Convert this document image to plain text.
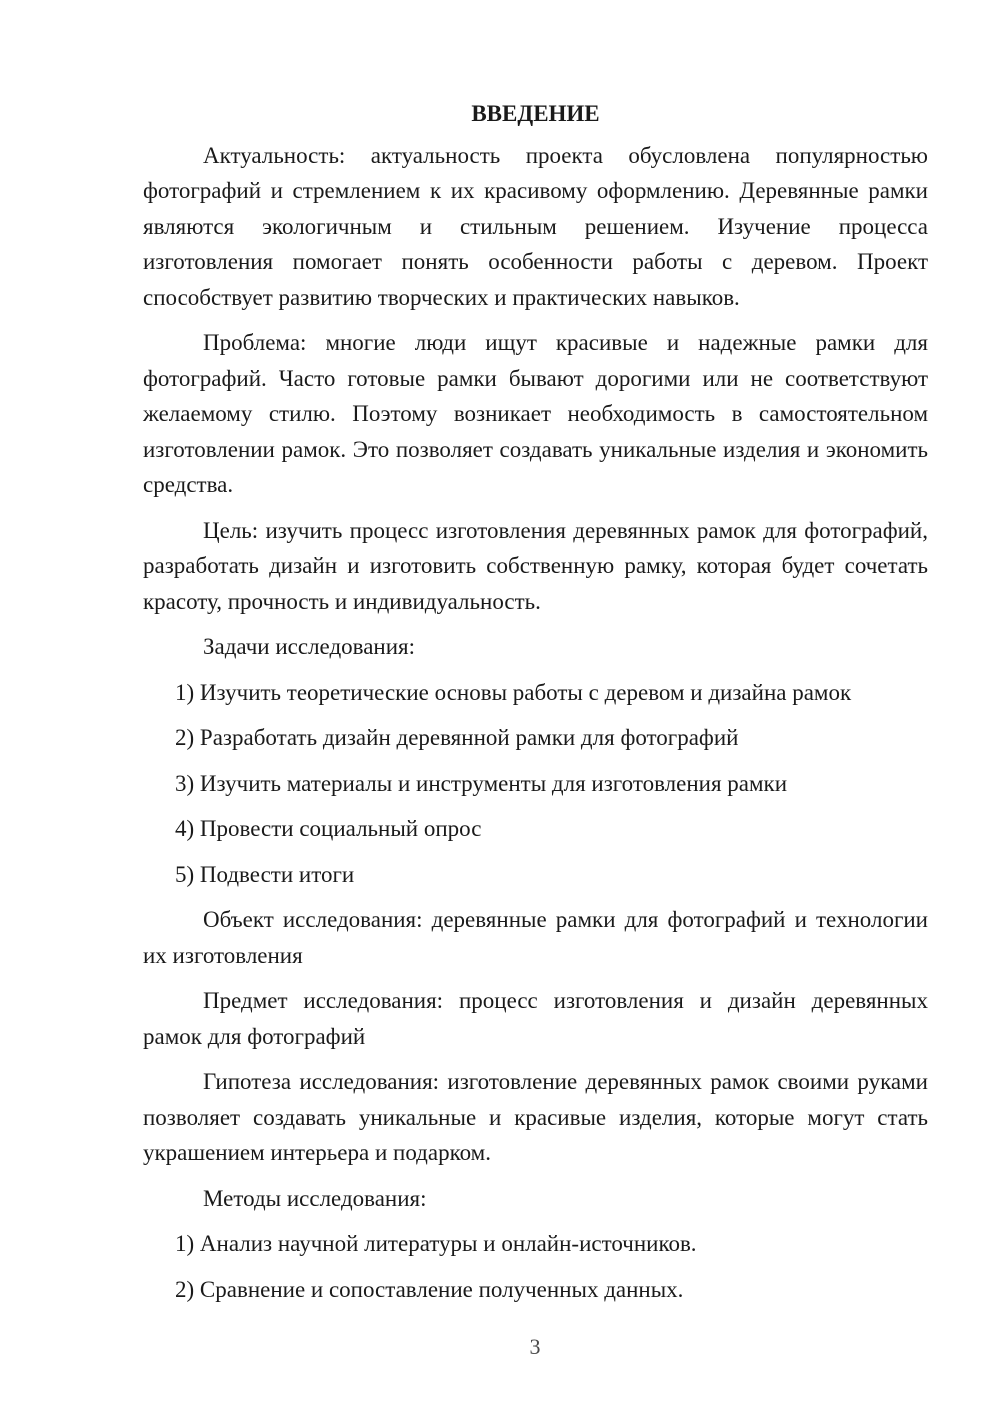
ВВЕДЕНИЕ

Актуальность: актуальность проекта обусловлена популярностью фотографий и стремлением к их красивому оформлению. Деревянные рамки являются экологичным и стильным решением. Изучение процесса изготовления помогает понять особенности работы с деревом. Проект способствует развитию творческих и практических навыков.

Проблема: многие люди ищут красивые и надежные рамки для фотографий. Часто готовые рамки бывают дорогими или не соответствуют желаемому стилю. Поэтому возникает необходимость в самостоятельном изготовлении рамок. Это позволяет создавать уникальные изделия и экономить средства.

Цель: изучить процесс изготовления деревянных рамок для фотографий, разработать дизайн и изготовить собственную рамку, которая будет сочетать красоту, прочность и индивидуальность.

Задачи исследования:

1) Изучить теоретические основы работы с деревом и дизайна рамок
2) Разработать дизайн деревянной рамки для фотографий
3) Изучить материалы и инструменты для изготовления рамки
4) Провести социальный опрос
5) Подвести итоги

Объект исследования: деревянные рамки для фотографий и технологии их изготовления

Предмет исследования: процесс изготовления и дизайн деревянных рамок для фотографий

Гипотеза исследования: изготовление деревянных рамок своими руками позволяет создавать уникальные и красивые изделия, которые могут стать украшением интерьера и подарком.

Методы исследования:

1) Анализ научной литературы и онлайн-источников.
2) Сравнение и сопоставление полученных данных.
3
